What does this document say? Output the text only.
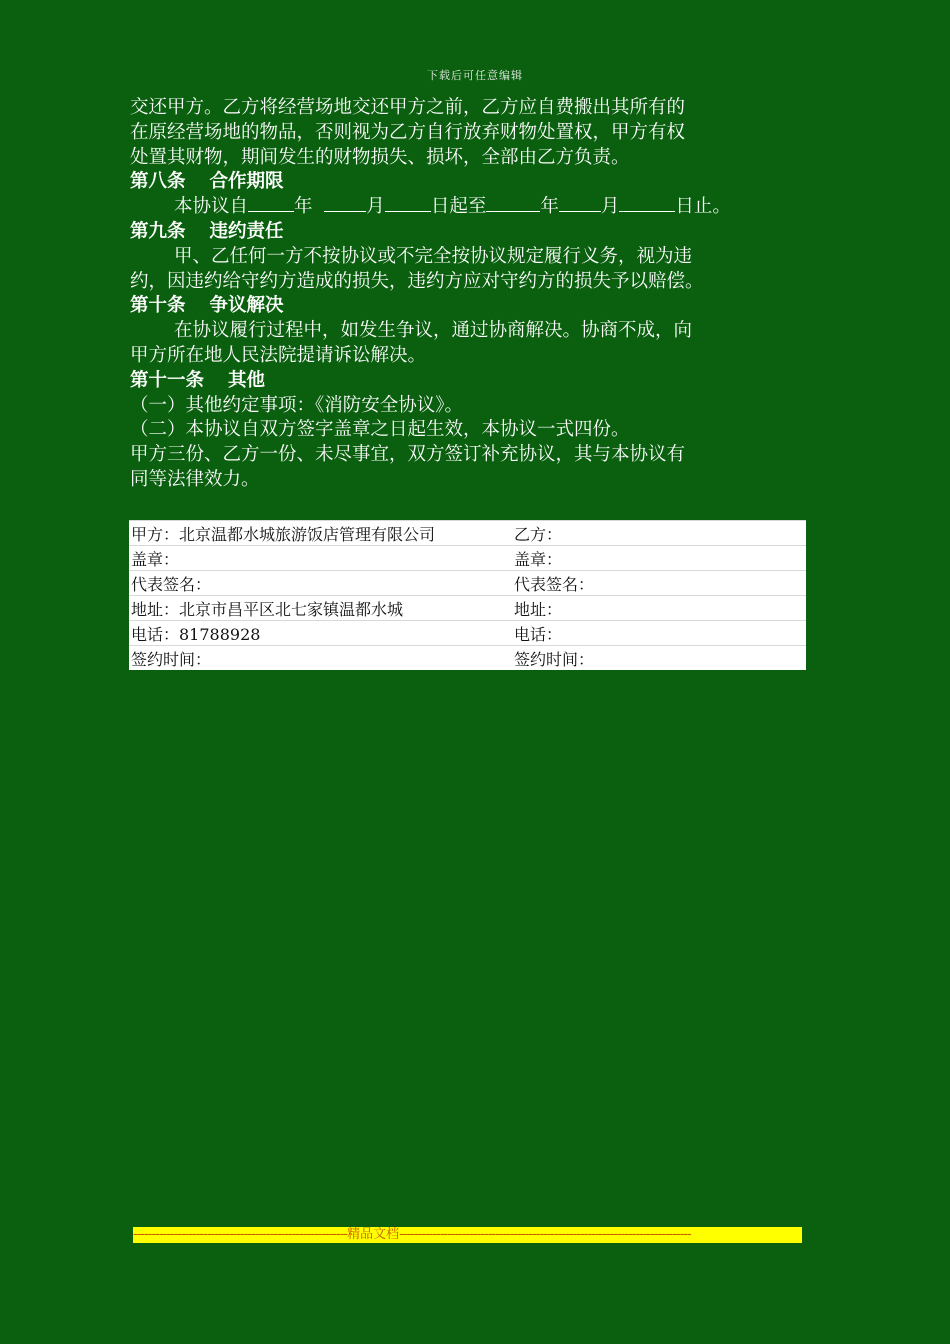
下载后可任意编辑

交还甲方。乙方将经营场地交还甲方之前，乙方应自费搬出其所有的

在原经营场地的物品，否则视为乙方自行放弃财物处置权，甲方有权

处置其财物，期间发生的财物损失、损坏，全部由乙方负责。

第八条 合作期限

本协议自 年	月 日起至	年 月	日止。

第九条 违约责任

甲、乙任何一方不按协议或不完全按协议规定履行义务，视为违

约，因违约给守约方造成的损失，违约方应对守约方的损失予以赔偿。

第十条 争议解决

在协议履行过程中，如发生争议，通过协商解决。协商不成，向

甲方所在地人民法院提请诉讼解决。

第十一条 其他

（一）其他约定事项：《消防安全协议》。

（二）本协议自双方签字盖章之日起生效，本协议一式四份。

甲方三份、乙方一份、未尽事宜，双方签订补充协议，其与本协议有

同等法律效力。

甲方：北京温都水城旅游饭店管理有限公司	乙方：
盖章：	盖章：
代表签名：	代表签名：
地址：北京市昌平区北七家镇温都水城	地址：
电话：81788928	电话：
签约时间：	签约时间：
----------------------------------------------------------精品文档-------------------------------------------------------------------------------
